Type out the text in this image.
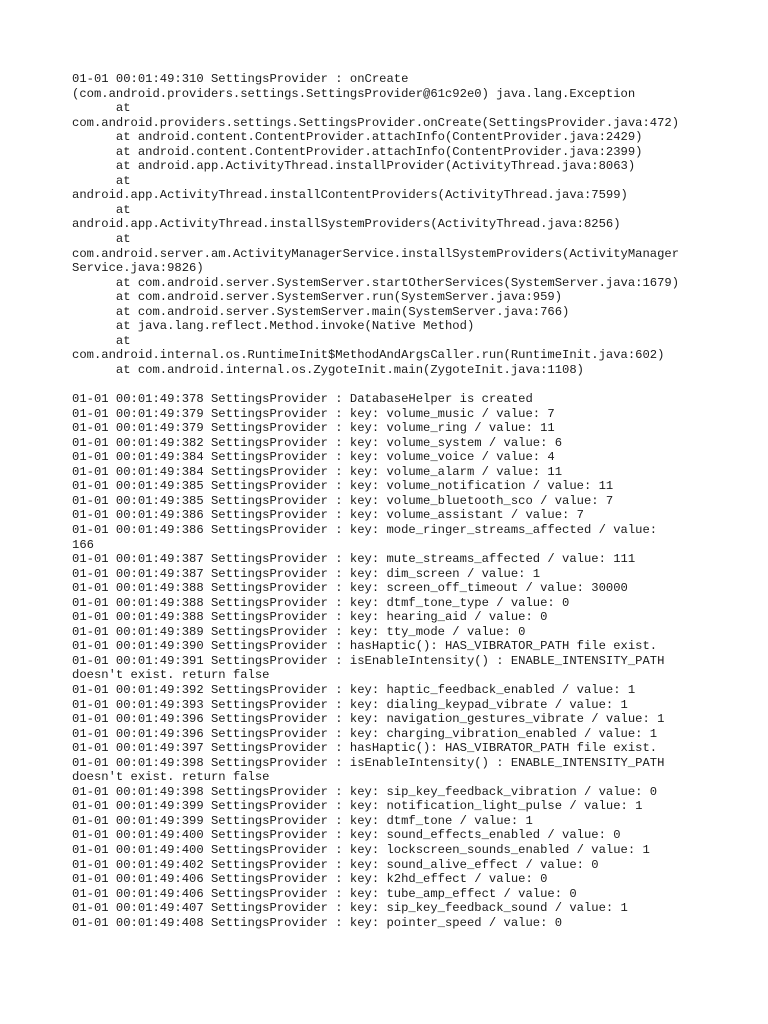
01-01 00:01:49:310 SettingsProvider : onCreate
(com.android.providers.settings.SettingsProvider@61c92e0) java.lang.Exception
at
com.android.providers.settings.SettingsProvider.onCreate(SettingsProvider.java:472)
at android.content.ContentProvider.attachInfo(ContentProvider.java:2429)
at android.content.ContentProvider.attachInfo(ContentProvider.java:2399)
at android.app.ActivityThread.installProvider(ActivityThread.java:8063)
at
android.app.ActivityThread.installContentProviders(ActivityThread.java:7599)
at
android.app.ActivityThread.installSystemProviders(ActivityThread.java:8256)
at
com.android.server.am.ActivityManagerService.installSystemProviders(ActivityManager
Service.java:9826)
at com.android.server.SystemServer.startOtherServices(SystemServer.java:1679)
at com.android.server.SystemServer.run(SystemServer.java:959)
at com.android.server.SystemServer.main(SystemServer.java:766)
at java.lang.reflect.Method.invoke(Native Method)
at
com.android.internal.os.RuntimeInit$MethodAndArgsCaller.run(RuntimeInit.java:602)
at com.android.internal.os.ZygoteInit.main(ZygoteInit.java:1108)
01-01 00:01:49:378 SettingsProvider : DatabaseHelper is created
01-01 00:01:49:379 SettingsProvider : key: volume_music / value: 7
01-01 00:01:49:379 SettingsProvider : key: volume_ring / value: 11
01-01 00:01:49:382 SettingsProvider : key: volume_system / value: 6
01-01 00:01:49:384 SettingsProvider : key: volume_voice / value: 4
01-01 00:01:49:384 SettingsProvider : key: volume_alarm / value: 11
01-01 00:01:49:385 SettingsProvider : key: volume_notification / value: 11
01-01 00:01:49:385 SettingsProvider : key: volume_bluetooth_sco / value: 7
01-01 00:01:49:386 SettingsProvider : key: volume_assistant / value: 7
01-01 00:01:49:386 SettingsProvider : key: mode_ringer_streams_affected / value:
166
01-01 00:01:49:387 SettingsProvider : key: mute_streams_affected / value: 111
01-01 00:01:49:387 SettingsProvider : key: dim_screen / value: 1
01-01 00:01:49:388 SettingsProvider : key: screen_off_timeout / value: 30000
01-01 00:01:49:388 SettingsProvider : key: dtmf_tone_type / value: 0
01-01 00:01:49:388 SettingsProvider : key: hearing_aid / value: 0
01-01 00:01:49:389 SettingsProvider : key: tty_mode / value: 0
01-01 00:01:49:390 SettingsProvider : hasHaptic(): HAS_VIBRATOR_PATH file exist.
01-01 00:01:49:391 SettingsProvider : isEnableIntensity() : ENABLE_INTENSITY_PATH
doesn't exist. return false
01-01 00:01:49:392 SettingsProvider : key: haptic_feedback_enabled / value: 1
01-01 00:01:49:393 SettingsProvider : key: dialing_keypad_vibrate / value: 1
01-01 00:01:49:396 SettingsProvider : key: navigation_gestures_vibrate / value: 1
01-01 00:01:49:396 SettingsProvider : key: charging_vibration_enabled / value: 1
01-01 00:01:49:397 SettingsProvider : hasHaptic(): HAS_VIBRATOR_PATH file exist.
01-01 00:01:49:398 SettingsProvider : isEnableIntensity() : ENABLE_INTENSITY_PATH
doesn't exist. return false
01-01 00:01:49:398 SettingsProvider : key: sip_key_feedback_vibration / value: 0
01-01 00:01:49:399 SettingsProvider : key: notification_light_pulse / value: 1
01-01 00:01:49:399 SettingsProvider : key: dtmf_tone / value: 1
01-01 00:01:49:400 SettingsProvider : key: sound_effects_enabled / value: 0
01-01 00:01:49:400 SettingsProvider : key: lockscreen_sounds_enabled / value: 1
01-01 00:01:49:402 SettingsProvider : key: sound_alive_effect / value: 0
01-01 00:01:49:406 SettingsProvider : key: k2hd_effect / value: 0
01-01 00:01:49:406 SettingsProvider : key: tube_amp_effect / value: 0
01-01 00:01:49:407 SettingsProvider : key: sip_key_feedback_sound / value: 1
01-01 00:01:49:408 SettingsProvider : key: pointer_speed / value: 0
